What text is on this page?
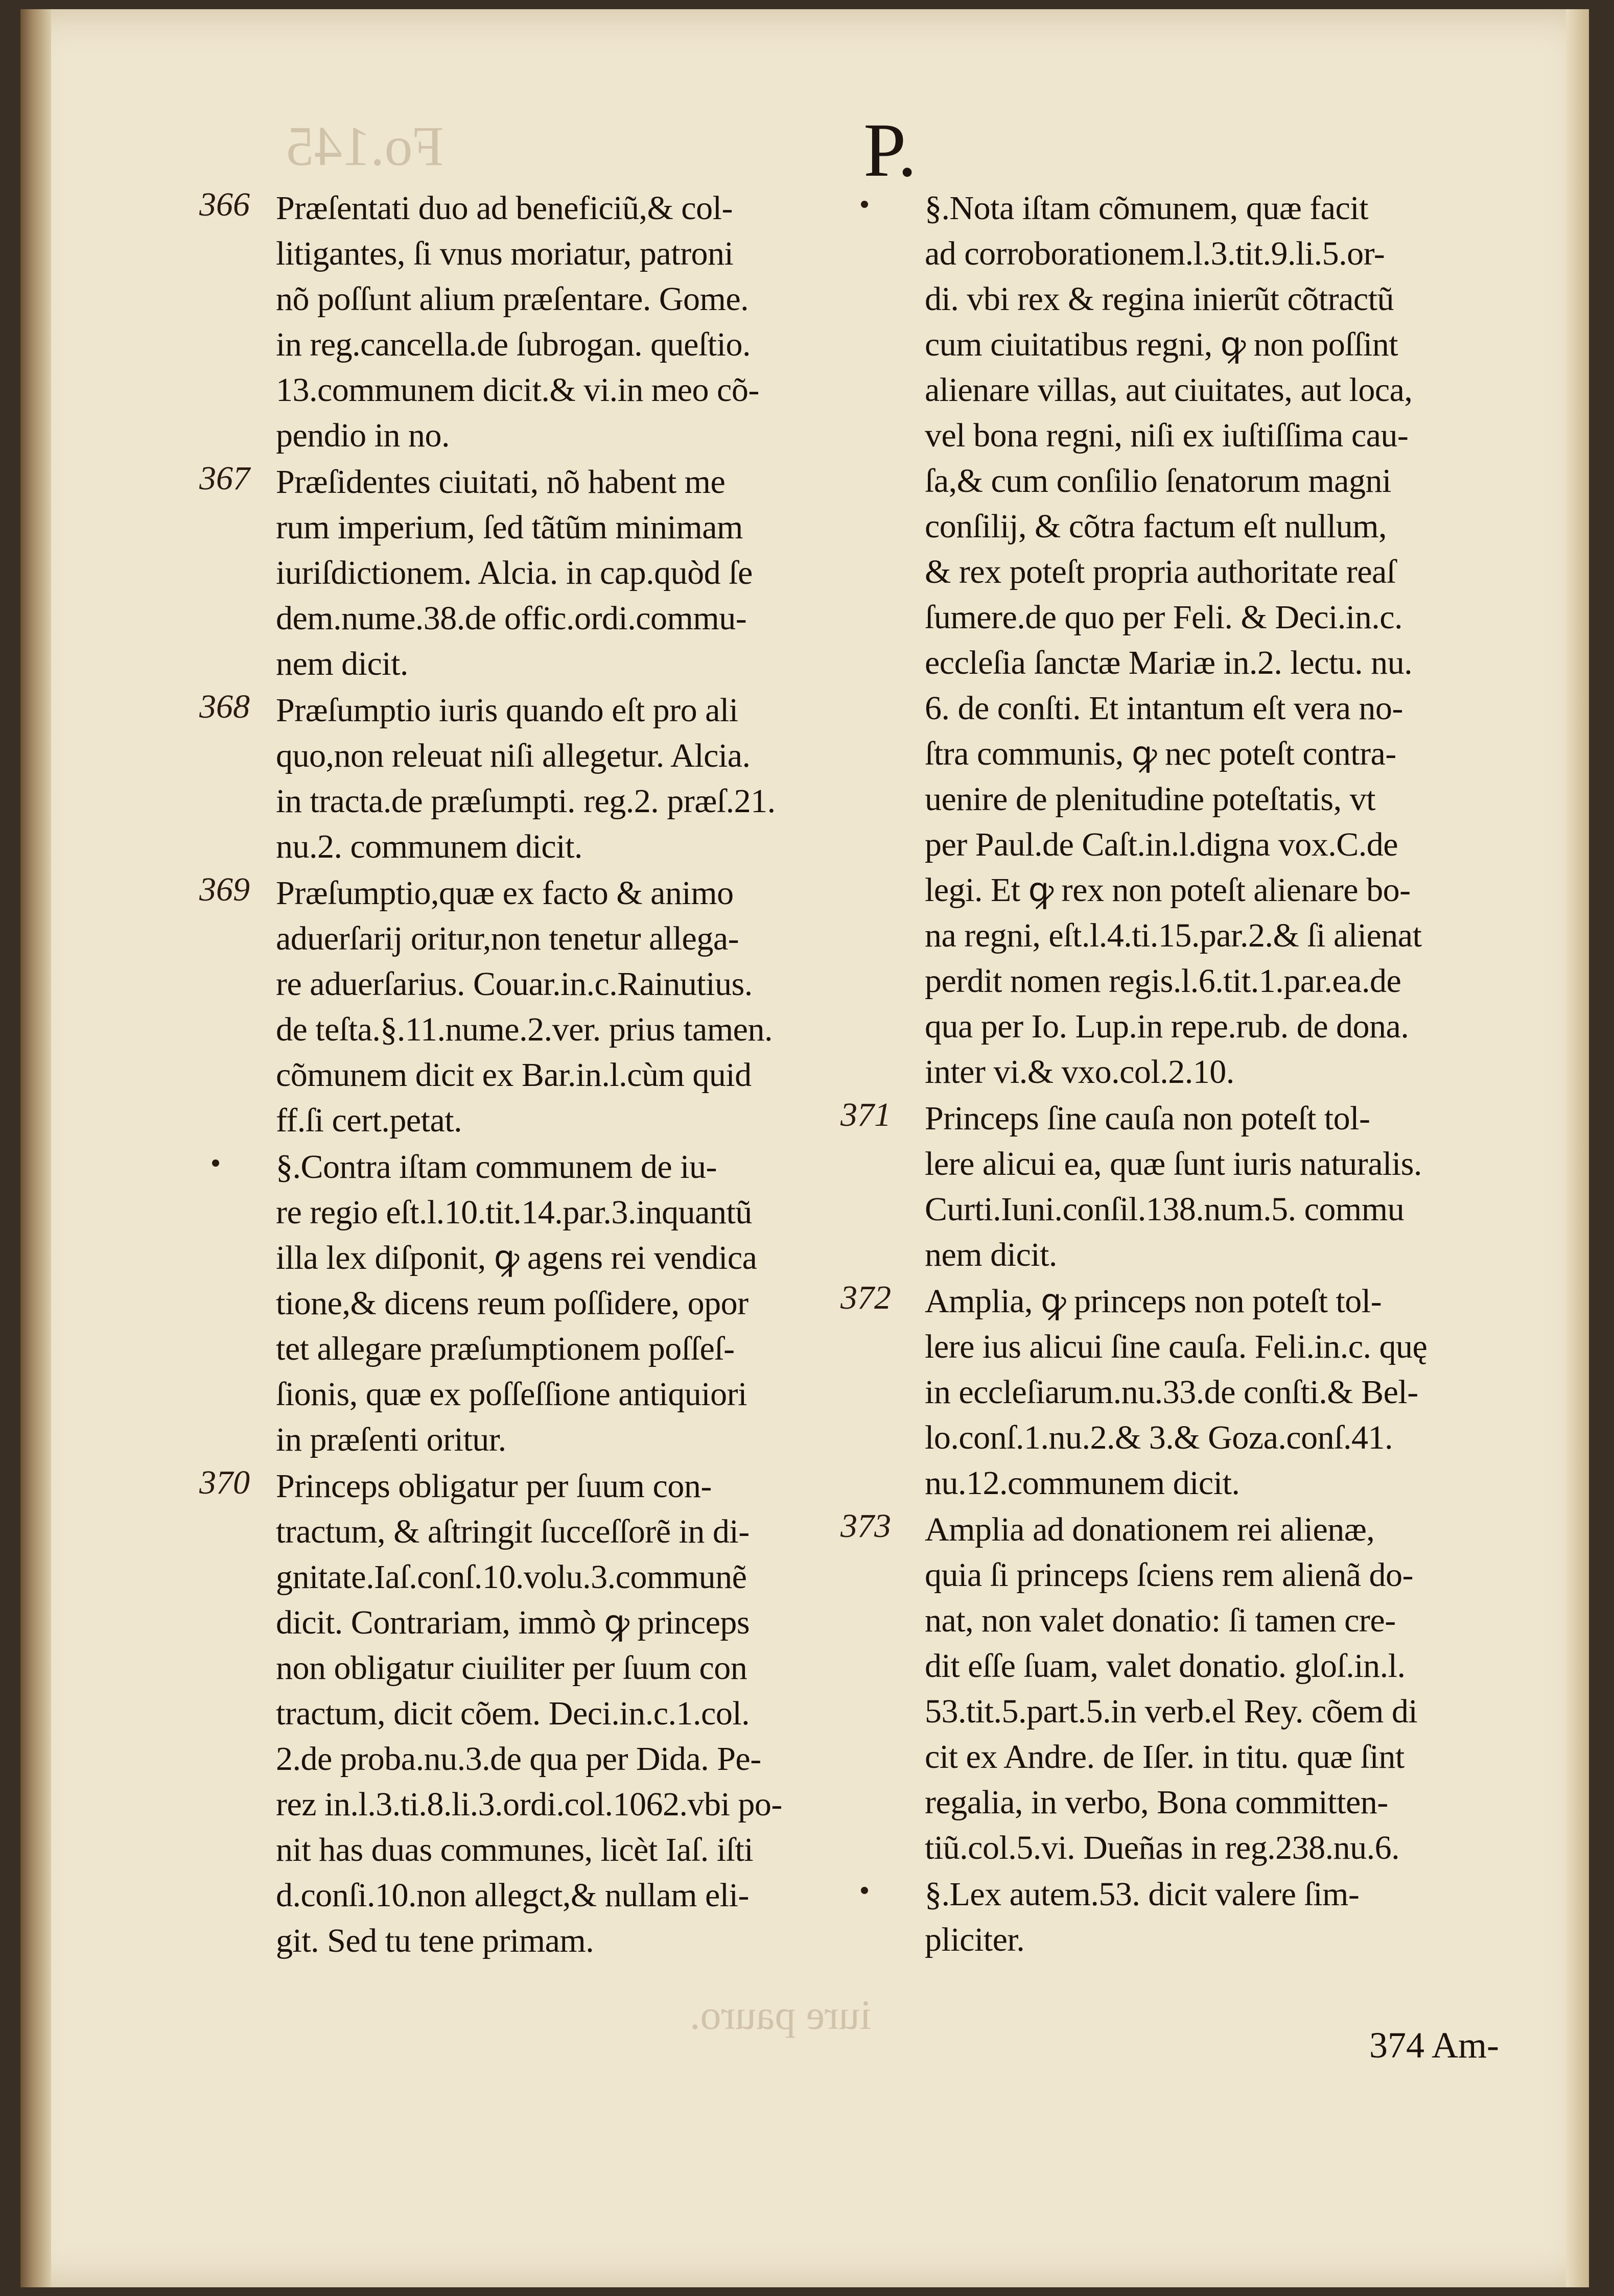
Fo.145
iure pauro.
P.
366 Præſentati duo ad beneficiũ,& col-
litigantes, ſi vnus moriatur, patroni
nõ poſſunt alium præſentare. Gome.
in reg.cancella.de ſubrogan. queſtio.
13.communem dicit.& vi.in meo cõ-
pendio in no.
367 Præſidentes ciuitati, nõ habent me
rum imperium, ſed tãtũm minimam
iuriſdictionem. Alcia. in cap.quòd ſe
dem.nume.38.de offic.ordi.commu-
nem dicit.
368 Præſumptio iuris quando eſt pro ali
quo,non releuat niſi allegetur. Alcia.
in tracta.de præſumpti. reg.2. præſ.21.
nu.2. communem dicit.
369 Præſumptio,quæ ex facto & animo
aduerſarij oritur,non tenetur allega-
re aduerſarius. Couar.in.c.Rainutius.
de teſta.§.11.nume.2.ver. prius tamen.
cõmunem dicit ex Bar.in.l.cùm quid
ff.ſi cert.petat.
§.Contra iſtam communem de iu-
re regio eſt.l.10.tit.14.par.3.inquantũ
illa lex diſponit, ꝙ agens rei vendica
tione,& dicens reum poſſidere, opor
tet allegare præſumptionem poſſeſ-
ſionis, quæ ex poſſeſſione antiquiori
in præſenti oritur.
370 Princeps obligatur per ſuum con-
tractum, & aſtringit ſucceſſorẽ in di-
gnitate.Iaſ.conſ.10.volu.3.communẽ
dicit. Contrariam, immò ꝙ princeps
non obligatur ciuiliter per ſuum con
tractum, dicit cõem. Deci.in.c.1.col.
2.de proba.nu.3.de qua per Dida. Pe-
rez in.l.3.ti.8.li.3.ordi.col.1062.vbi po-
nit has duas communes, licèt Iaſ. iſti
d.conſi.10.non allegct,& nullam eli-
git. Sed tu tene primam.
§.Nota iſtam cõmunem, quæ facit
ad corroborationem.l.3.tit.9.li.5.or-
di. vbi rex & regina inierũt cõtractũ
cum ciuitatibus regni, ꝙ non poſſint
alienare villas, aut ciuitates, aut loca,
vel bona regni, niſi ex iuſtiſſima cau-
ſa,& cum conſilio ſenatorum magni
conſilij, & cõtra factum eſt nullum,
& rex poteſt propria authoritate reaſ
ſumere.de quo per Feli. & Deci.in.c.
eccleſia ſanctæ Mariæ in.2. lectu. nu.
6. de conſti. Et intantum eſt vera no-
ſtra communis, ꝙ nec poteſt contra-
uenire de plenitudine poteſtatis, vt
per Paul.de Caſt.in.l.digna vox.C.de
legi. Et ꝙ rex non poteſt alienare bo-
na regni, eſt.l.4.ti.15.par.2.& ſi alienat
perdit nomen regis.l.6.tit.1.par.ea.de
qua per Io. Lup.in repe.rub. de dona.
inter vi.& vxo.col.2.10.
371	Princeps ſine cauſa non poteſt tol-
lere alicui ea, quæ ſunt iuris naturalis.
Curti.Iuni.conſil.138.num.5. commu
nem dicit.
372	Amplia, ꝙ princeps non poteſt tol-
lere ius alicui ſine cauſa. Feli.in.c. quę
in eccleſiarum.nu.33.de conſti.& Bel-
lo.conſ.1.nu.2.& 3.& Goza.conſ.41.
nu.12.communem dicit.
373	Amplia ad donationem rei alienæ,
quia ſi princeps ſciens rem alienã do-
nat, non valet donatio: ſi tamen cre-
dit eſſe ſuam, valet donatio. gloſ.in.l.
53.tit.5.part.5.in verb.el Rey. cõem di
cit ex Andre. de Iſer. in titu. quæ ſint
regalia, in verbo, Bona committen-
tiũ.col.5.vi. Dueñas in reg.238.nu.6.
§.Lex autem.53. dicit valere ſim-
pliciter.
374 Am-
